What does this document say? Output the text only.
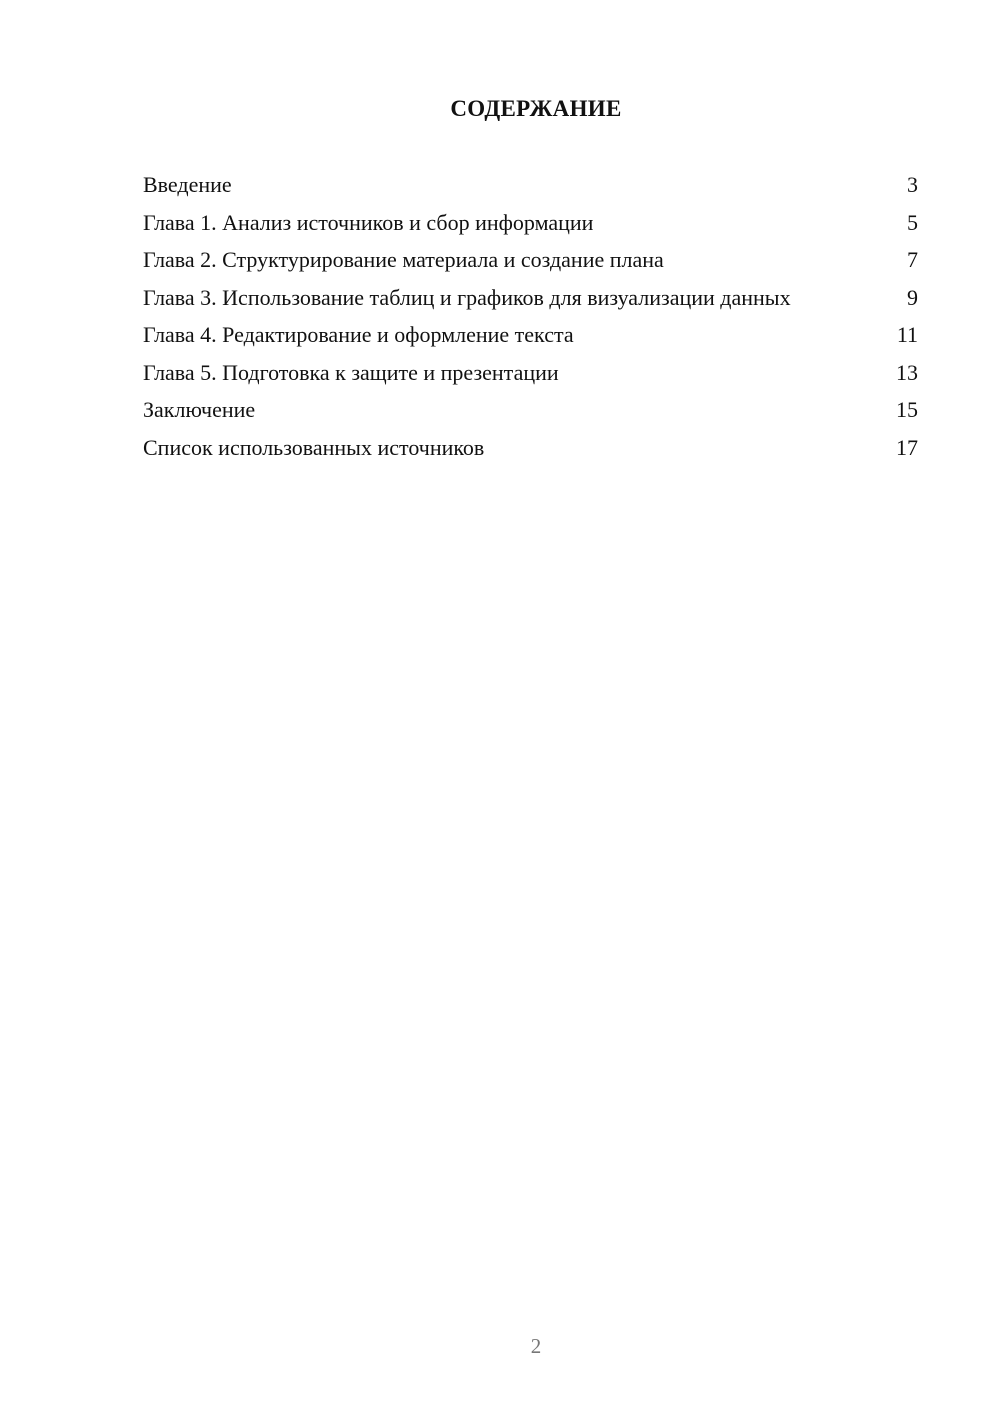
СОДЕРЖАНИЕ
Введение	3
Глава 1. Анализ источников и сбор информации	5
Глава 2. Структурирование материала и создание плана	7
Глава 3. Использование таблиц и графиков для визуализации данных	9
Глава 4. Редактирование и оформление текста	11
Глава 5. Подготовка к защите и презентации	13
Заключение	15
Список использованных источников	17
2
